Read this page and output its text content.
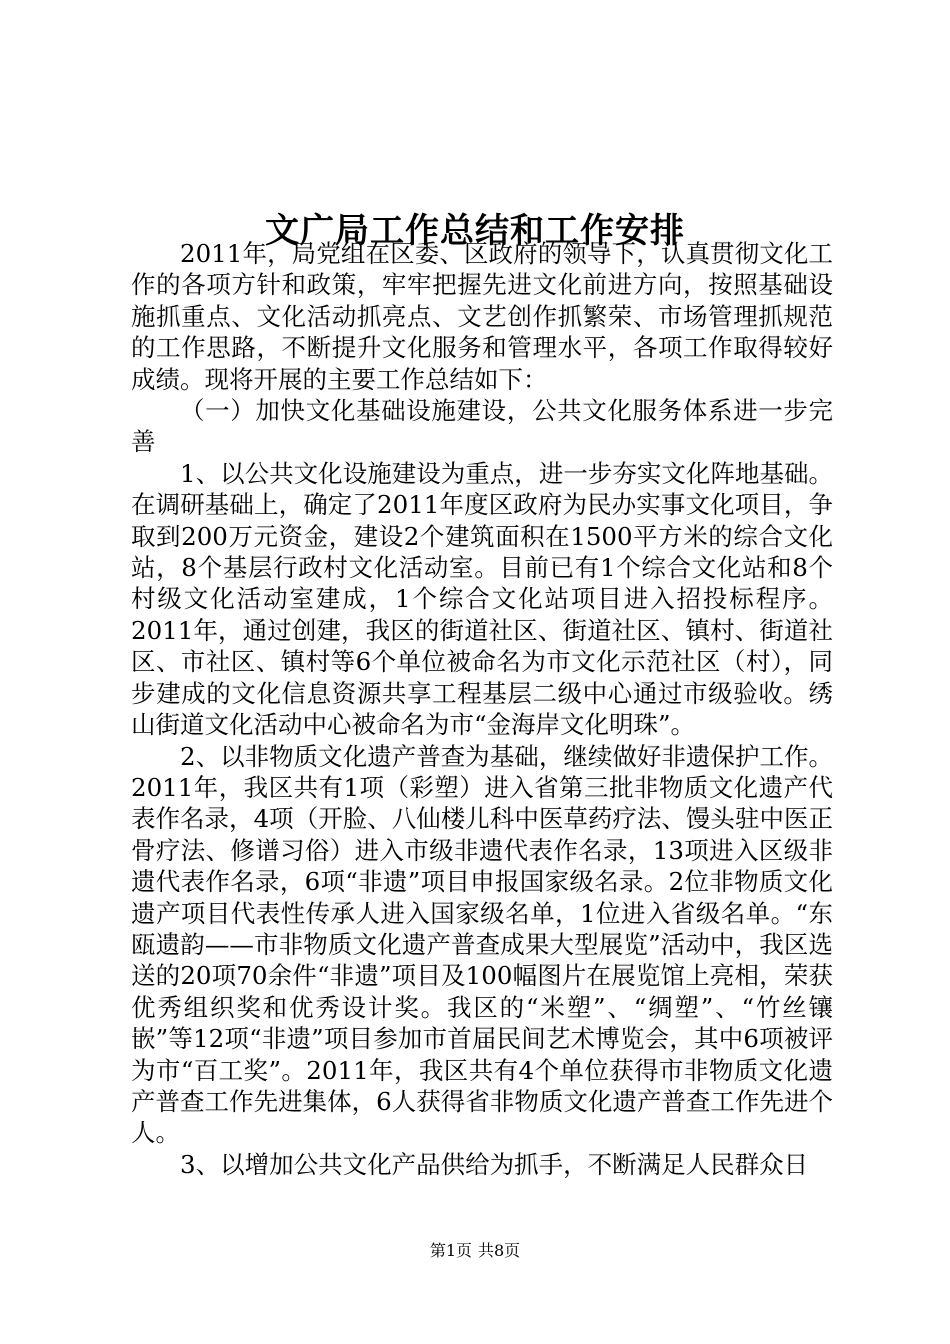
文广局工作总结和工作安排

2011年，局党组在区委、区政府的领导下，认真贯彻文化工作的各项方针和政策，牢牢把握先进文化前进方向，按照基础设施抓重点、文化活动抓亮点、文艺创作抓繁荣、市场管理抓规范的工作思路，不断提升文化服务和管理水平，各项工作取得较好成绩。现将开展的主要工作总结如下：

（一）加快文化基础设施建设，公共文化服务体系进一步完善

1、以公共文化设施建设为重点，进一步夯实文化阵地基础。在调研基础上，确定了2011年度区政府为民办实事文化项目，争取到200万元资金，建设2个建筑面积在1500平方米的综合文化站，8个基层行政村文化活动室。目前已有1个综合文化站和8个村级文化活动室建成，1个综合文化站项目进入招投标程序。2011年，通过创建，我区的街道社区、街道社区、镇村、街道社区、市社区、镇村等6个单位被命名为市文化示范社区（村），同步建成的文化信息资源共享工程基层二级中心通过市级验收。绣山街道文化活动中心被命名为市“金海岸文化明珠”。

2、以非物质文化遗产普查为基础，继续做好非遗保护工作。2011年，我区共有1项（彩塑）进入省第三批非物质文化遗产代表作名录，4项（开脸、八仙楼儿科中医草药疗法、馒头驻中医正骨疗法、修谱习俗）进入市级非遗代表作名录，13项进入区级非遗代表作名录，6项“非遗”项目申报国家级名录。2位非物质文化遗产项目代表性传承人进入国家级名单，1位进入省级名单。“东瓯遗韵——市非物质文化遗产普查成果大型展览”活动中，我区选送的20项70余件“非遗”项目及100幅图片在展览馆上亮相，荣获优秀组织奖和优秀设计奖。我区的“米塑”、“绸塑”、“竹丝镶嵌”等12项“非遗”项目参加市首届民间艺术博览会，其中6项被评为市“百工奖”。2011年，我区共有4个单位获得市非物质文化遗产普查工作先进集体，6人获得省非物质文化遗产普查工作先进个人。

3、以增加公共文化产品供给为抓手，不断满足人民群众日

第1页 共8页
